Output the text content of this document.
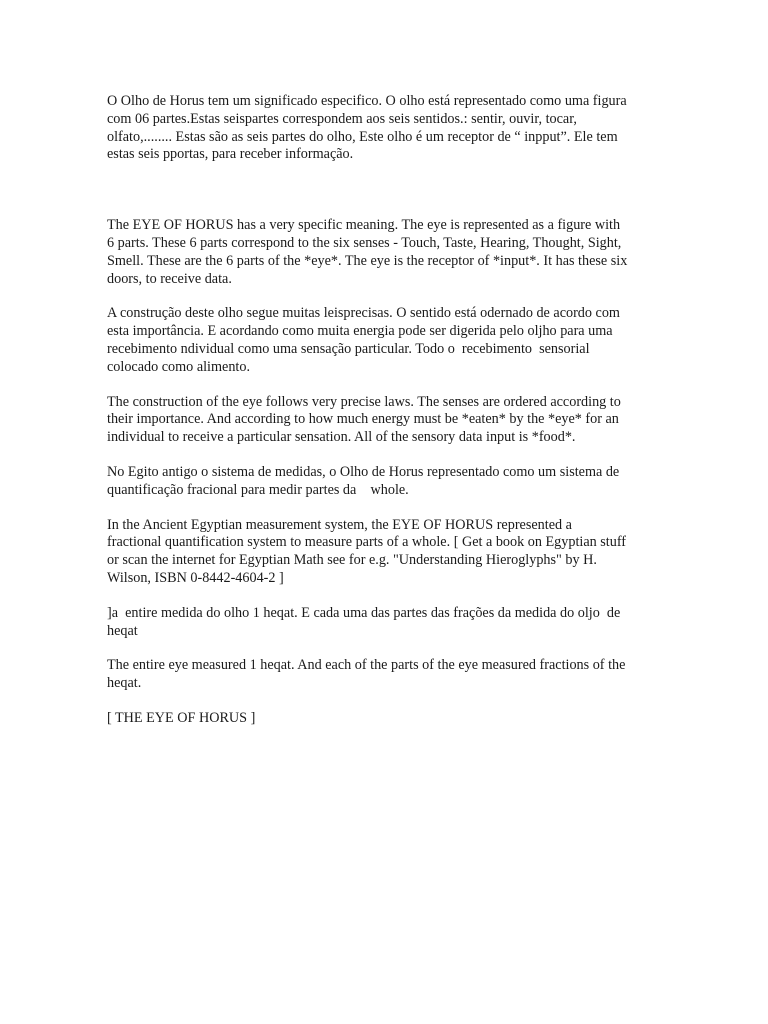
O Olho de Horus tem um significado especifico. O olho está representado como uma figura
com 06 partes.Estas seispartes correspondem aos seis sentidos.: sentir, ouvir, tocar,
olfato,........ Estas são as seis partes do olho, Este olho é um receptor de “ inpput”. Ele tem
estas seis pportas, para receber informação.

The EYE OF HORUS has a very specific meaning. The eye is represented as a figure with
6 parts. These 6 parts correspond to the six senses - Touch, Taste, Hearing, Thought, Sight,
Smell. These are the 6 parts of the *eye*. The eye is the receptor of *input*. It has these six
doors, to receive data.

A construção deste olho segue muitas leisprecisas. O sentido está odernado de acordo com
esta importância. E acordando como muita energia pode ser digerida pelo oljho para uma
recebimento ndividual como uma sensação particular. Todo o  recebimento  sensorial
colocado como alimento.

The construction of the eye follows very precise laws. The senses are ordered according to
their importance. And according to how much energy must be *eaten* by the *eye* for an
individual to receive a particular sensation. All of the sensory data input is *food*.

No Egito antigo o sistema de medidas, o Olho de Horus representado como um sistema de
quantificação fracional para medir partes da    whole.

In the Ancient Egyptian measurement system, the EYE OF HORUS represented a
fractional quantification system to measure parts of a whole. [ Get a book on Egyptian stuff
or scan the internet for Egyptian Math see for e.g. "Understanding Hieroglyphs" by H.
Wilson, ISBN 0-8442-4604-2 ]

]a  entire medida do olho 1 heqat. E cada uma das partes das frações da medida do oljo  de
heqat

The entire eye measured 1 heqat. And each of the parts of the eye measured fractions of the
heqat.

[ THE EYE OF HORUS ]
